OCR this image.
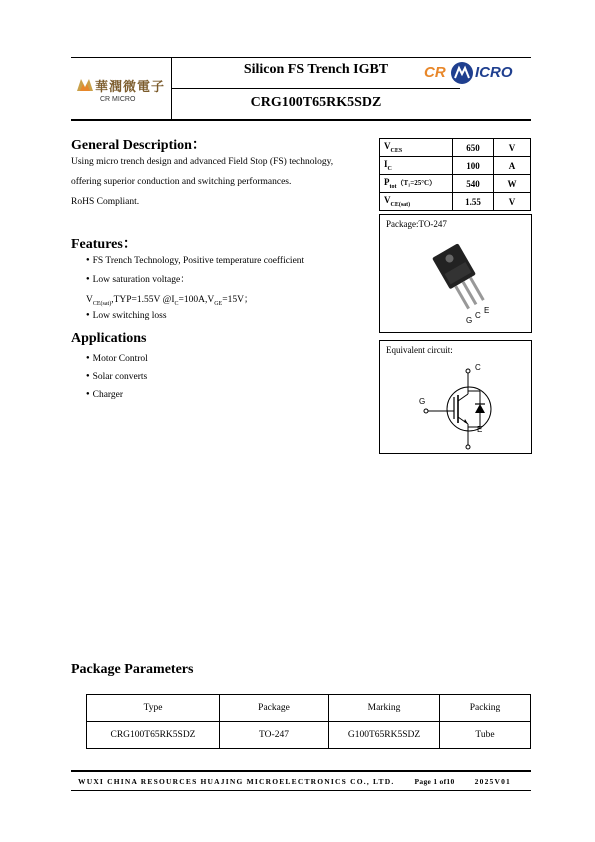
華潤微電子
CR MICRO
Silicon FS Trench IGBT
CRG100T65RK5SDZ
CR ICRO
General Description：
Using micro trench design and advanced Field Stop (FS) technology,
offering superior conduction and switching performances.
RoHS Compliant.
$V_{CES}$	650	V
$I_C$	100	A
$P_{tot}(T_1=25^\circ C)$	540	W
$V_{CE(sat)}$	1.55	V
Features：
● FS Trench Technology, Positive temperature coefficient
● Low saturation voltage：
$V_{CE(sat)},TYP=1.55V$ $@I_C=100A,V_{GE}=15V$；
● Low switching loss
Applications
● Motor Control
● Solar converts
● Charger
Package:TO-247
G
C
E
Equivalent circuit:
C
G
E
Package Parameters
Type	Package	Marking	Packing
CRG100T65RK5SDZ	TO-247	G100T65RK5SDZ	Tube
WUXI CHINA RESOURCES HUAJING MICROELECTRONICS CO., LTD.	Page 1 of10	2025V01
